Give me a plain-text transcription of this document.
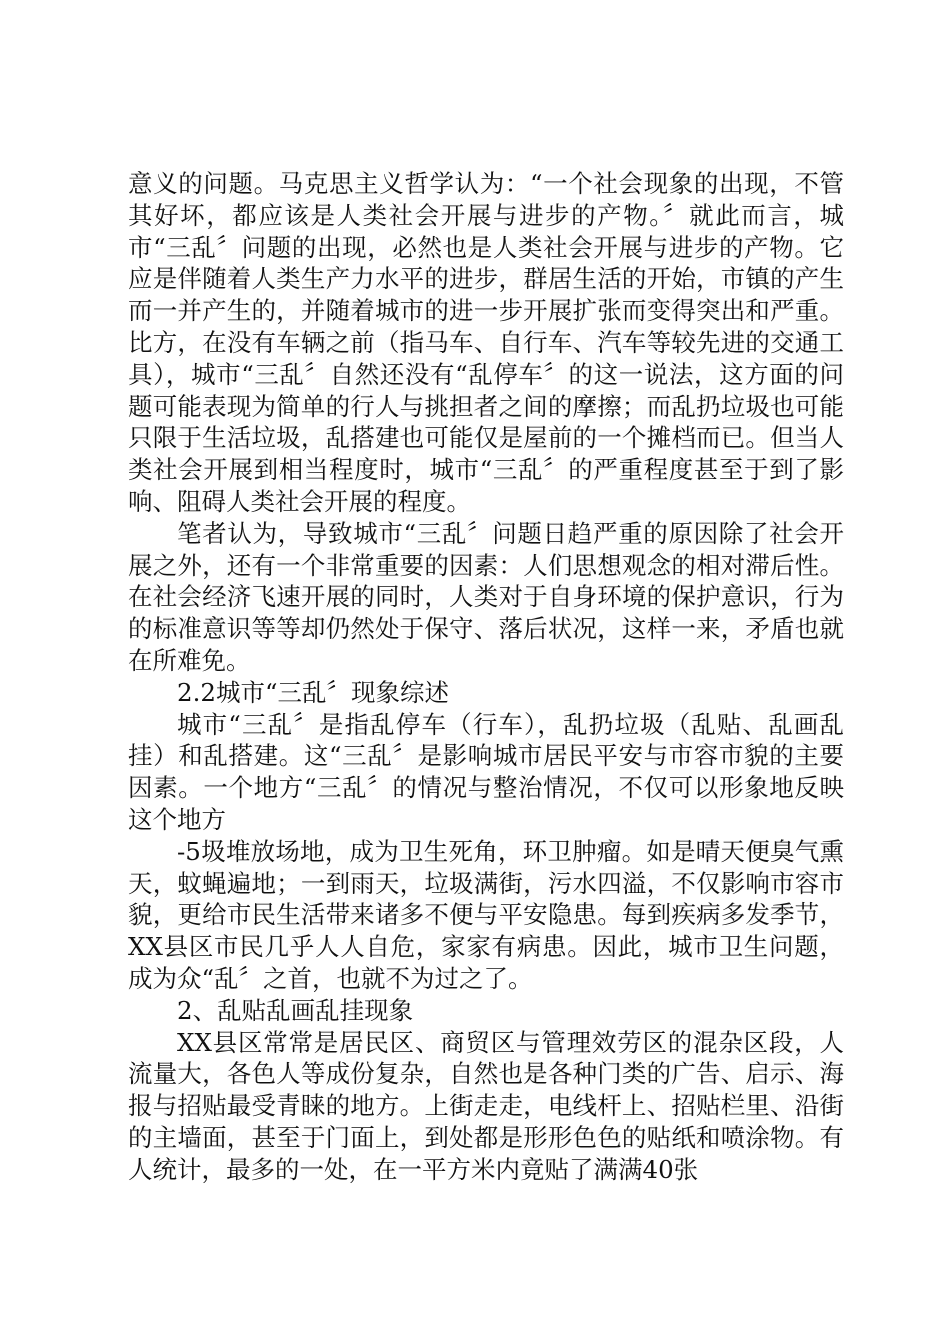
意义的问题。马克思主义哲学认为：“一个社会现象的出现，不管其好坏，都应该是人类社会开展与进步的产物。〞就此而言，城市“三乱〞问题的出现，必然也是人类社会开展与进步的产物。它应是伴随着人类生产力水平的进步，群居生活的开始，市镇的产生而一并产生的，并随着城市的进一步开展扩张而变得突出和严重。比方，在没有车辆之前（指马车、自行车、汽车等较先进的交通工具），城市“三乱〞自然还没有“乱停车〞的这一说法，这方面的问题可能表现为简单的行人与挑担者之间的摩擦；而乱扔垃圾也可能只限于生活垃圾，乱搭建也可能仅是屋前的一个摊档而已。但当人类社会开展到相当程度时，城市“三乱〞的严重程度甚至于到了影响、阻碍人类社会开展的程度。

笔者认为，导致城市“三乱〞问题日趋严重的原因除了社会开展之外，还有一个非常重要的因素：人们思想观念的相对滞后性。在社会经济飞速开展的同时，人类对于自身环境的保护意识，行为的标准意识等等却仍然处于保守、落后状况，这样一来，矛盾也就在所难免。

2.2城市“三乱〞现象综述

城市“三乱〞是指乱停车（行车），乱扔垃圾（乱贴、乱画乱挂）和乱搭建。这“三乱〞是影响城市居民平安与市容市貌的主要因素。一个地方“三乱〞的情况与整治情况，不仅可以形象地反映这个地方

-5圾堆放场地，成为卫生死角，环卫肿瘤。如是晴天便臭气熏天，蚊蝇遍地；一到雨天，垃圾满街，污水四溢，不仅影响市容市貌，更给市民生活带来诸多不便与平安隐患。每到疾病多发季节，XX县区市民几乎人人自危，家家有病患。因此，城市卫生问题，成为众“乱〞之首，也就不为过之了。

2、乱贴乱画乱挂现象

XX县区常常是居民区、商贸区与管理效劳区的混杂区段，人流量大，各色人等成份复杂，自然也是各种门类的广告、启示、海报与招贴最受青睐的地方。上街走走，电线杆上、招贴栏里、沿街的主墙面，甚至于门面上，到处都是形形色色的贴纸和喷涂物。有人统计，最多的一处，在一平方米内竟贴了满满40张
